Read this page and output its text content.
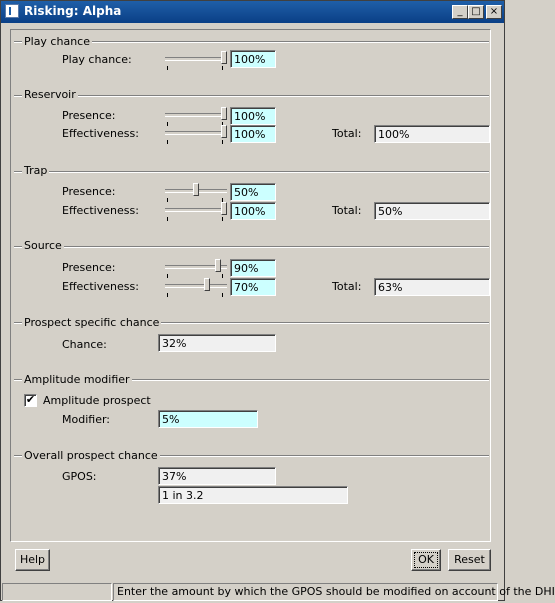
Risking: Alpha	_ □ ×
Play chance
Play chance:	100%
Reservoir
Presence:	100%
Effectiveness:	100%	Total:	100%
Trap
Presence:	50%
Effectiveness:	100%	Total:	50%
Source
Presence:	90%
Effectiveness:	70%	Total:	63%
Prospect specific chance
Chance:	32%
Amplitude modifier
✔ Amplitude prospect
Modifier:	5%
Overall prospect chance
GPOS:	37%
1 in 3.2
Help	OK	Reset
Enter the amount by which the GPOS should be modified on account of the DHI
